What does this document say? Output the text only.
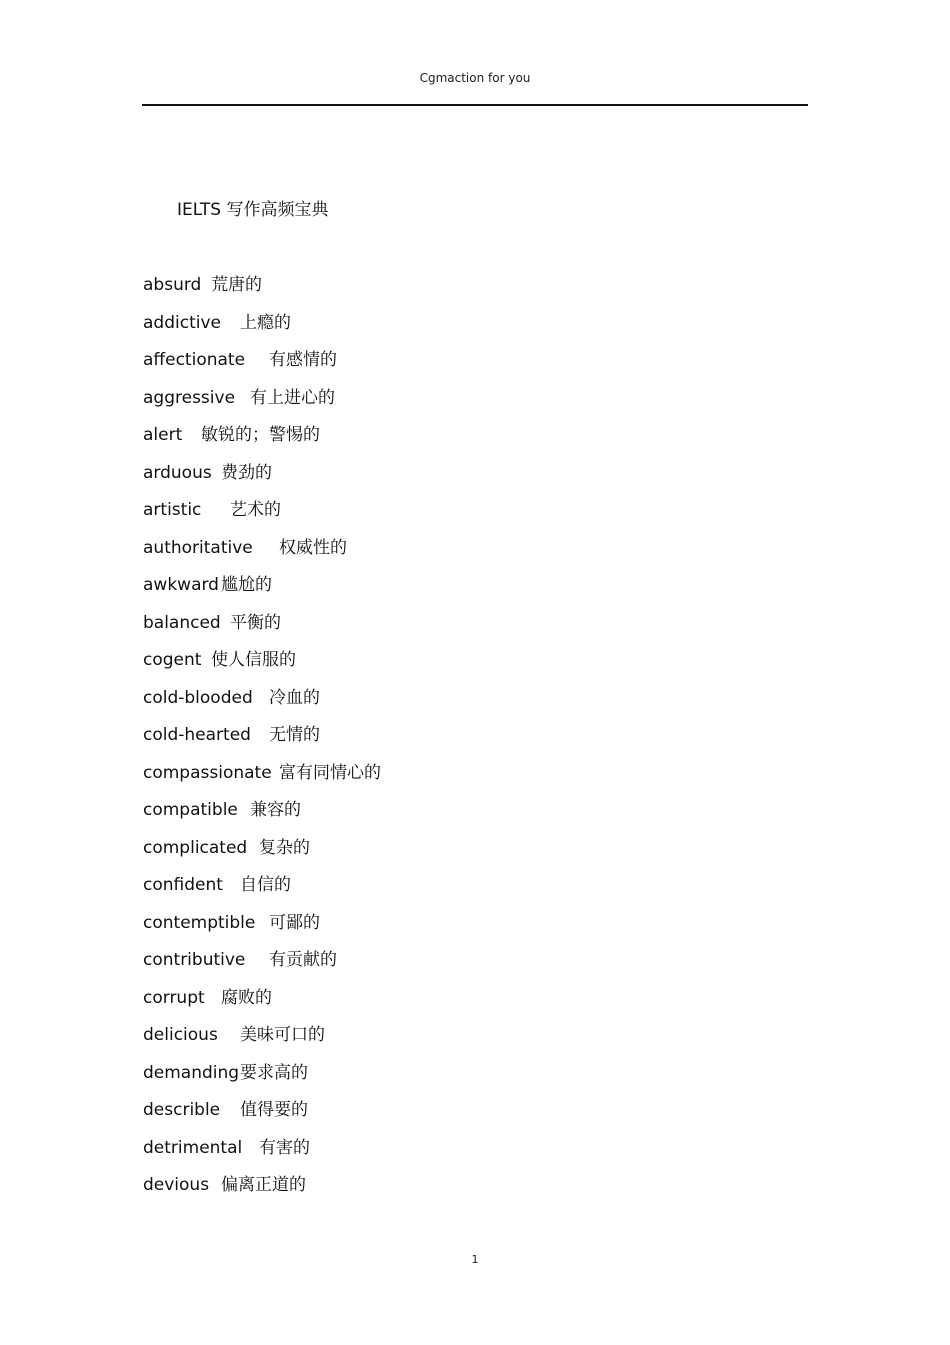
Cgmaction for you
IELTS 写作高频宝典
absurd 荒唐的
addictive 上瘾的
affectionate 有感情的
aggressive 有上进心的
alert 敏锐的；警惕的
arduous 费劲的
artistic 艺术的
authoritative 权威性的
awkward 尴尬的
balanced 平衡的
cogent 使人信服的
cold-blooded 冷血的
cold-hearted 无情的
compassionate 富有同情心的
compatible 兼容的
complicated 复杂的
confident 自信的
contemptible 可鄙的
contributive 有贡献的
corrupt 腐败的
delicious 美味可口的
demanding 要求高的
describle 值得要的
detrimental 有害的
devious 偏离正道的
1
